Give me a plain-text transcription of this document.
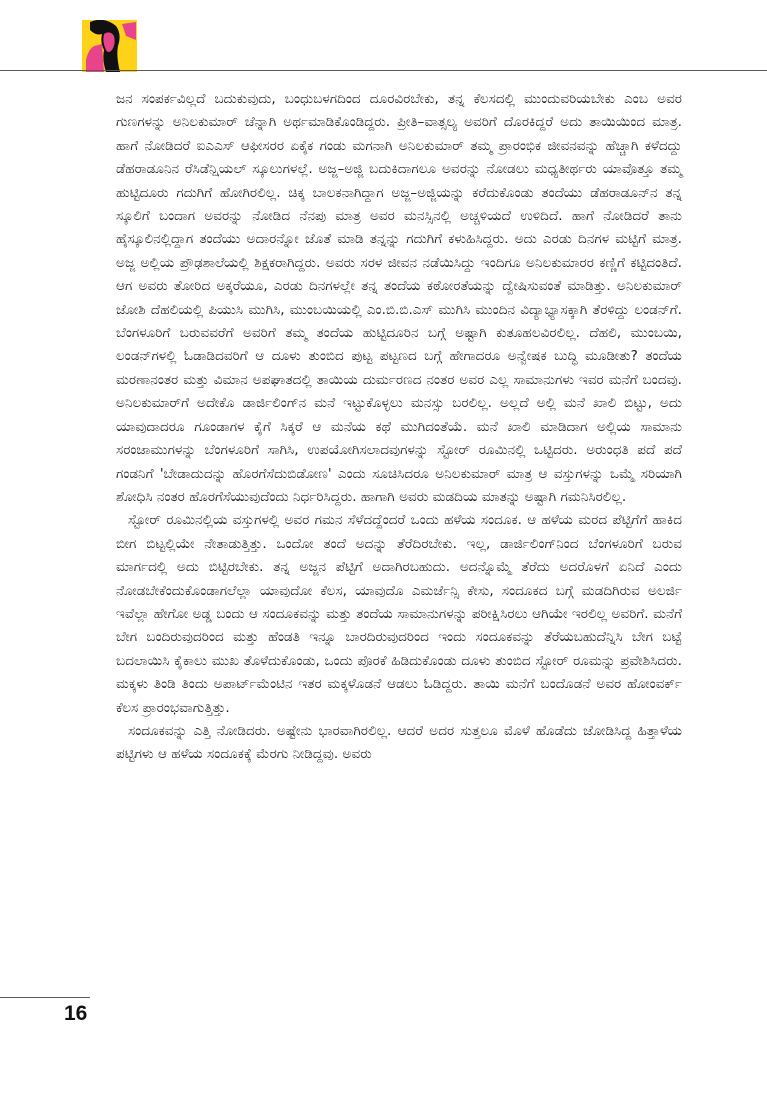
ಜನ ಸಂಪರ್ಕವಿಲ್ಲದೆ ಬದುಕುವುದು, ಬಂಧುಬಳಗದಿಂದ ದೂರವಿರಬೇಕು, ತನ್ನ ಕೆಲಸದಲ್ಲಿ ಮುಂದುವರಿಯಬೇಕು ಎಂಬ ಅವರ ಗುಣಗಳನ್ನು ಅನಿಲಕುಮಾರ್ ಚೆನ್ನಾಗಿ ಅರ್ಥಮಾಡಿಕೊಂಡಿದ್ದರು. ಪ್ರೀತಿ–ವಾತ್ಸಲ್ಯ ಅವರಿಗೆ ದೊರಕಿದ್ದರೆ ಅದು ತಾಯಿಯಿಂದ ಮಾತ್ರ. ಹಾಗೆ ನೋಡಿದರೆ ಐಎಎಸ್ ಆಫೀಸರರ ಏಕೈಕ ಗಂಡು ಮಗನಾಗಿ ಅನಿಲಕುಮಾರ್ ತಮ್ಮ ಪ್ರಾರಂಭಿಕ ಜೀವನವನ್ನು ಹೆಚ್ಚಾಗಿ ಕಳೆದದ್ದು ಡೆಹರಾಡೂನಿನ ರೆಸಿಡೆನ್ಷಿಯಲ್ ಸ್ಕೂಲುಗಳಲ್ಲೆ. ಅಜ್ಜ–ಅಜ್ಜಿ ಬದುಕಿದಾಗಲೂ ಅವರನ್ನು ನೋಡಲು ಮಧ್ಯತೀರ್ಥರು ಯಾವೊತ್ತೂ ತಮ್ಮ ಹುಟ್ಟಿದೂರು ಗದುಗಿಗೆ ಹೋಗಿರಲಿಲ್ಲ. ಚಿಕ್ಕ ಬಾಲಕನಾಗಿದ್ದಾಗ ಅಜ್ಜ–ಅಜ್ಜಿಯನ್ನು ಕರೆದುಕೊಂಡು ತಂದೆಯು ಡೆಹರಾಡೂನ್‌ನ ತನ್ನ ಸ್ಕೂಲಿಗೆ ಬಂದಾಗ ಅವರನ್ನು ನೋಡಿದ ನೆನಪು ಮಾತ್ರ ಅವರ ಮನಸ್ಸಿನಲ್ಲಿ ಅಚ್ಚಳಿಯದೆ ಉಳಿದಿದೆ. ಹಾಗೆ ನೋಡಿದರೆ ತಾನು ಹೈಸ್ಕೂಲಿನಲ್ಲಿದ್ದಾಗ ತಂದೆಯು ಅದಾರನ್ನೋ ಜೊತೆ ಮಾಡಿ ತನ್ನನ್ನು ಗದುಗಿಗೆ ಕಳುಹಿಸಿದ್ದರು. ಅದು ಎರಡು ದಿನಗಳ ಮಟ್ಟಿಗೆ ಮಾತ್ರ. ಅಜ್ಜ ಅಲ್ಲಿಯ ಪ್ರೌಢಶಾಲೆಯಲ್ಲಿ ಶಿಕ್ಷಕರಾಗಿದ್ದರು. ಅವರು ಸರಳ ಜೀವನ ನಡೆಯಿಸಿದ್ದು ಇಂದಿಗೂ ಅನಿಲಕುಮಾರರ ಕಣ್ಣಿಗೆ ಕಟ್ಟಿದಂತಿದೆ. ಆಗ ಅವರು ತೋರಿದ ಅಕ್ಕರೆಯೂ, ಎರಡು ದಿನಗಳಲ್ಲೇ ತನ್ನ ತಂದೆಯ ಕಠೋರತೆಯನ್ನು ದ್ವೇಷಿಸುವಂತೆ ಮಾಡಿತ್ತು. ಅನಿಲಕುಮಾರ್ ಜೋಶಿ ದೆಹಲಿಯಲ್ಲಿ ಪಿಯುಸಿ ಮುಗಿಸಿ, ಮುಂಬಯಿಯಲ್ಲಿ ಎಂ.ಬಿ.ಬಿ.ಎಸ್ ಮುಗಿಸಿ ಮುಂದಿನ ವಿದ್ಯಾಭ್ಯಾಸಕ್ಕಾಗಿ ತೆರಳಿದ್ದು ಲಂಡನ್‌ಗೆ. ಬೆಂಗಳೂರಿಗೆ ಬರುವವರೆಗೆ ಅವರಿಗೆ ತಮ್ಮ ತಂದೆಯ ಹುಟ್ಟಿದೂರಿನ ಬಗ್ಗೆ ಅಷ್ಟಾಗಿ ಕುತೂಹಲವಿರಲಿಲ್ಲ. ದೆಹಲಿ, ಮುಂಬಯಿ, ಲಂಡನ್‌ಗಳಲ್ಲಿ ಓಡಾಡಿದವರಿಗೆ ಆ ದೂಳು ತುಂಬಿದ ಪುಟ್ಟ ಪಟ್ಟಣದ ಬಗ್ಗೆ ಹೇಗಾದರೂ ಅನ್ವೇಷಕ ಬುದ್ಧಿ ಮೂಡೀತು? ತಂದೆಯ ಮರಣಾನಂತರ ಮತ್ತು ವಿಮಾನ ಅಪಘಾತದಲ್ಲಿ ತಾಯಿಯ ದುರ್ಮರಣದ ನಂತರ ಅವರ ಎಲ್ಲ ಸಾಮಾನುಗಳು ಇವರ ಮನೆಗೆ ಬಂದವು. ಅನಿಲಕುಮಾರ್‌ಗೆ ಅದೇಕೊ ಡಾರ್ಜಿಲಿಂಗ್‌ನ ಮನೆ ಇಟ್ಟುಕೊಳ್ಳಲು ಮನಸ್ಸು ಬರಲಿಲ್ಲ. ಅಲ್ಲದೆ ಅಲ್ಲಿ ಮನೆ ಖಾಲಿ ಬಿಟ್ಟು, ಅದು ಯಾವುದಾದರೂ ಗೂಂಡಾಗಳ ಕೈಗೆ ಸಿಕ್ಕರೆ ಆ ಮನೆಯ ಕಥೆ ಮುಗಿದಂತೆಯೆ. ಮನೆ ಖಾಲಿ ಮಾಡಿದಾಗ ಅಲ್ಲಿಯ ಸಾಮಾನು ಸರಂಜಾಮುಗಳನ್ನು ಬೆಂಗಳೂರಿಗೆ ಸಾಗಿಸಿ, ಉಪಯೋಗಿಸಲಾದವುಗಳನ್ನು ಸ್ಟೋರ್ ರೂಮಿನಲ್ಲಿ ಒಟ್ಟಿದರು. ಅರುಂಧತಿ ಪದೆ ಪದೆ ಗಂಡನಿಗೆ 'ಬೇಡಾದುದನ್ನು ಹೊರಗೆಸೆದುಬಿಡೋಣ' ಎಂದು ಸೂಚಿಸಿದರೂ ಅನಿಲಕುಮಾರ್ ಮಾತ್ರ ಆ ವಸ್ತುಗಳನ್ನು ಒಮ್ಮೆ ಸರಿಯಾಗಿ ಶೋಧಿಸಿ ನಂತರ ಹೊರಗೆಸೆಯುವುದೆಂದು ನಿರ್ಧರಿಸಿದ್ದರು. ಹಾಗಾಗಿ ಅವರು ಮಡದಿಯ ಮಾತನ್ನು ಅಷ್ಟಾಗಿ ಗಮನಿಸಿರಲಿಲ್ಲ.

ಸ್ಟೋರ್ ರೂಮಿನಲ್ಲಿಯ ವಸ್ತುಗಳಲ್ಲಿ ಅವರ ಗಮನ ಸೆಳೆದದ್ದೆಂದರೆ ಒಂದು ಹಳೆಯ ಸಂದೂಕ. ಆ ಹಳೆಯ ಮರದ ಪೆಟ್ಟಿಗೆಗೆ ಹಾಕಿದ ಬೀಗ ಬಿಟ್ಟಲ್ಲಿಯೇ ನೇತಾಡುತ್ತಿತ್ತು. ಒಂದೋ ತಂದೆ ಅದನ್ನು ತೆರೆದಿರಬೇಕು. ಇಲ್ಲ, ಡಾರ್ಜಿಲಿಂಗ್‌ನಿಂದ ಬೆಂಗಳೂರಿಗೆ ಬರುವ ಮಾರ್ಗದಲ್ಲಿ ಅದು ಬಿಟ್ಟಿರಬೇಕು. ತನ್ನ ಅಜ್ಜನ ಪೆಟ್ಟಿಗೆ ಅದಾಗಿರಬಹುದು. ಅದನ್ನೊಮ್ಮೆ ತೆರೆದು ಅದರೊಳಗೆ ಏನಿದೆ ಎಂದು ನೋಡಬೇಕೆಂದುಕೊಂಡಾಗಲೆಲ್ಲಾ ಯಾವುದೋ ಕೆಲಸ, ಯಾವುದೊ ಎಮರ್ಜೆನ್ಸಿ ಕೇಸು, ಸಂದೂಕದ ಬಗ್ಗೆ ಮಡದಿಗಿರುವ ಅಲರ್ಜಿ ಇವೆಲ್ಲಾ ಹೇಗೋ ಅಡ್ಡ ಬಂದು ಆ ಸಂದೂಕವನ್ನು ಮತ್ತು ತಂದೆಯ ಸಾಮಾನುಗಳನ್ನು ಪರೀಕ್ಷಿಸಿರಲು ಆಗಿಯೇ ಇರಲಿಲ್ಲ ಅವರಿಗೆ. ಮನೆಗೆ ಬೇಗ ಬಂದಿರುವುದರಿಂದ ಮತ್ತು ಹೆಂಡತಿ ಇನ್ನೂ ಬಾರದಿರುವುದರಿಂದ ಇಂದು ಸಂದೂಕವನ್ನು ತೆರೆಯಬಹುದೆನ್ನಿಸಿ ಬೇಗ ಬಟ್ಟೆ ಬದಲಾಯಿಸಿ ಕೈಕಾಲು ಮುಖ ತೊಳೆದುಕೊಂಡು, ಒಂದು ಪೊರಕೆ ಹಿಡಿದುಕೊಂಡು ದೂಳು ತುಂಬಿದ ಸ್ಟೋರ್ ರೂಮನ್ನು ಪ್ರವೇಶಿಸಿದರು. ಮಕ್ಕಳು ತಿಂಡಿ ತಿಂದು ಅಪಾರ್ಟ್‌ಮೆಂಟಿನ ಇತರ ಮಕ್ಕಳೊಡನೆ ಆಡಲು ಓಡಿದ್ದರು. ತಾಯಿ ಮನೆಗೆ ಬಂದೊಡನೆ ಅವರ ಹೋಂವರ್ಕ್ ಕೆಲಸ ಪ್ರಾರಂಭವಾಗುತ್ತಿತ್ತು.

ಸಂದೂಕವನ್ನು ಎತ್ತಿ ನೋಡಿದರು. ಅಷ್ಟೇನು ಭಾರವಾಗಿರಲಿಲ್ಲ. ಆದರೆ ಅದರ ಸುತ್ತಲೂ ಮೊಳೆ ಹೊಡೆದು ಜೋಡಿಸಿದ್ದ ಹಿತ್ತಾಳೆಯ ಪಟ್ಟಿಗಳು ಆ ಹಳೆಯ ಸಂದೂಕಕ್ಕೆ ಮೆರಗು ನೀಡಿದ್ದವು. ಅವರು

16
